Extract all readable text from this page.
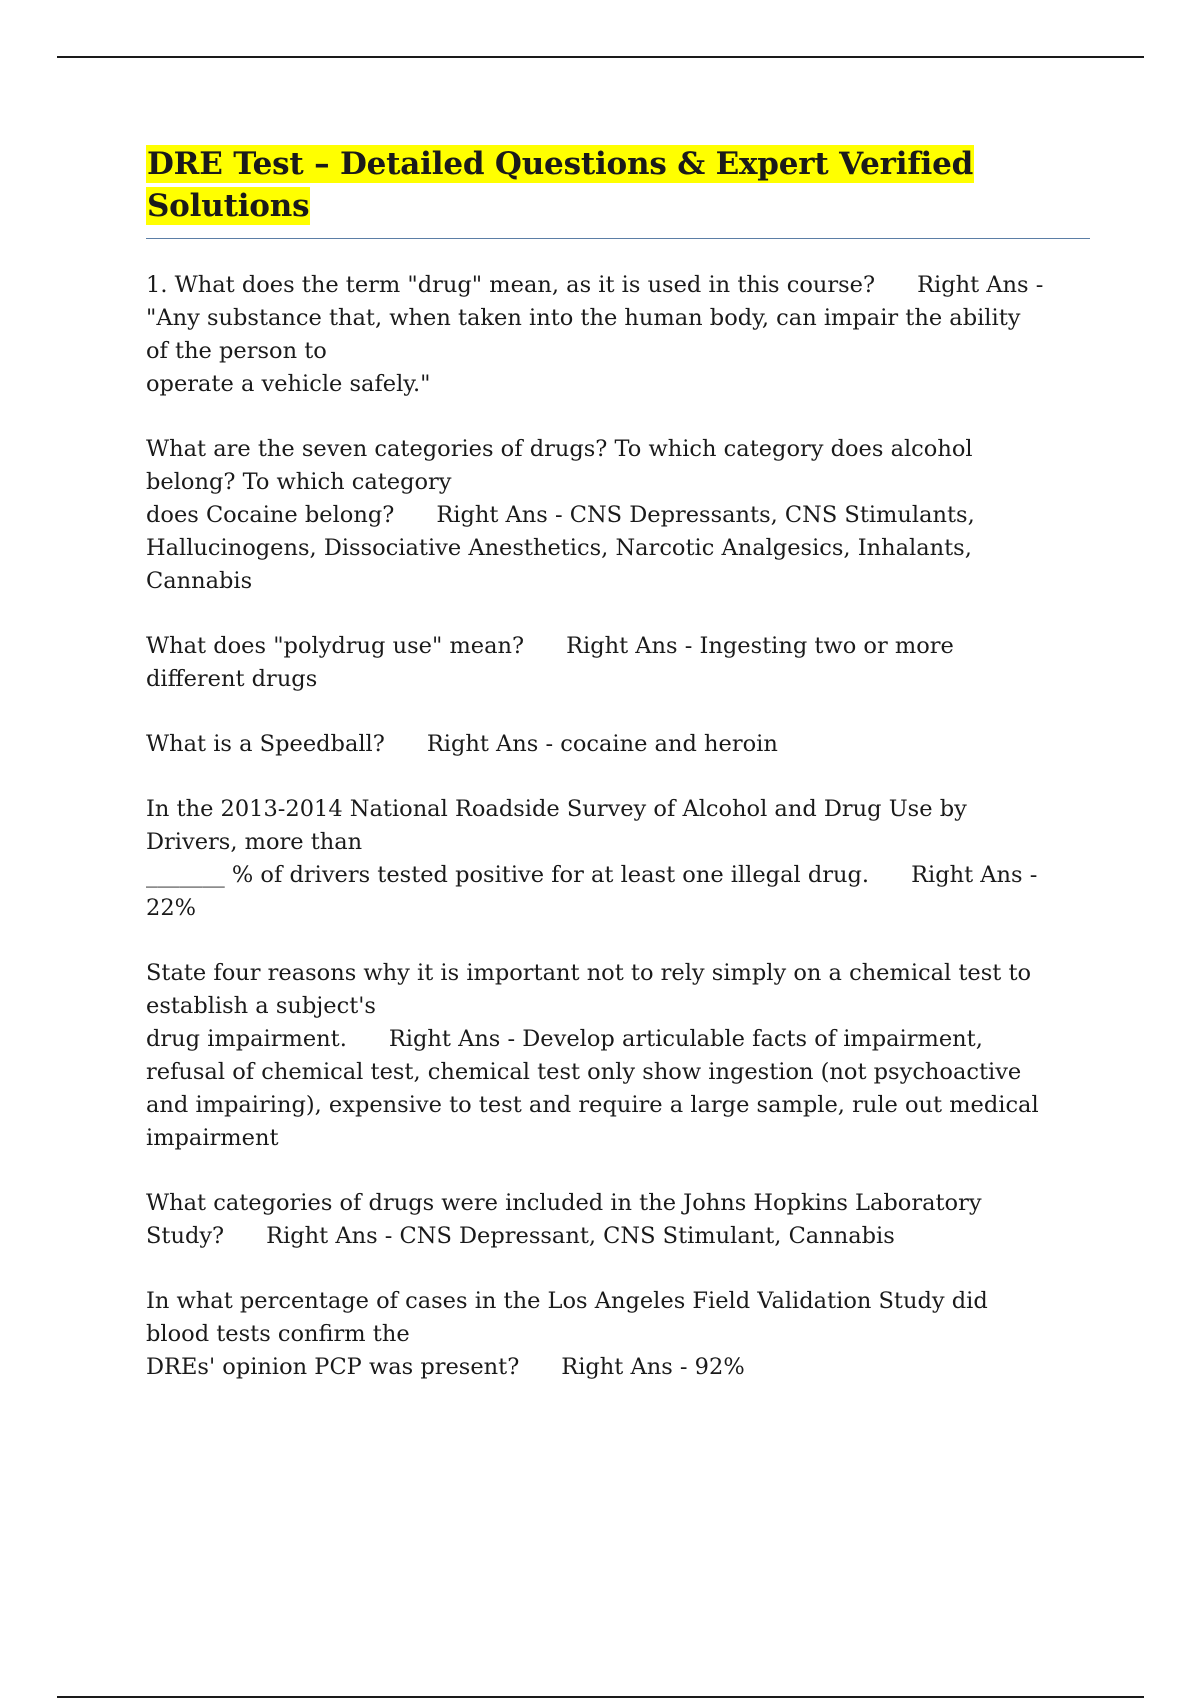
DRE Test – Detailed Questions & Expert Verified Solutions

1. What does the term "drug" mean, as it is used in this course? Right Ans -
"Any substance that, when taken into the human body, can impair the ability
of the person to
operate a vehicle safely."

What are the seven categories of drugs? To which category does alcohol
belong? To which category
does Cocaine belong? Right Ans - CNS Depressants, CNS Stimulants,
Hallucinogens, Dissociative Anesthetics, Narcotic Analgesics, Inhalants,
Cannabis

What does "polydrug use" mean? Right Ans - Ingesting two or more
different drugs

What is a Speedball? Right Ans - cocaine and heroin

In the 2013-2014 National Roadside Survey of Alcohol and Drug Use by
Drivers, more than
_______ % of drivers tested positive for at least one illegal drug. Right Ans -
22%

State four reasons why it is important not to rely simply on a chemical test to
establish a subject's
drug impairment. Right Ans - Develop articulable facts of impairment,
refusal of chemical test, chemical test only show ingestion (not psychoactive
and impairing), expensive to test and require a large sample, rule out medical
impairment

What categories of drugs were included in the Johns Hopkins Laboratory
Study? Right Ans - CNS Depressant, CNS Stimulant, Cannabis

In what percentage of cases in the Los Angeles Field Validation Study did
blood tests confirm the
DREs' opinion PCP was present? Right Ans - 92%
